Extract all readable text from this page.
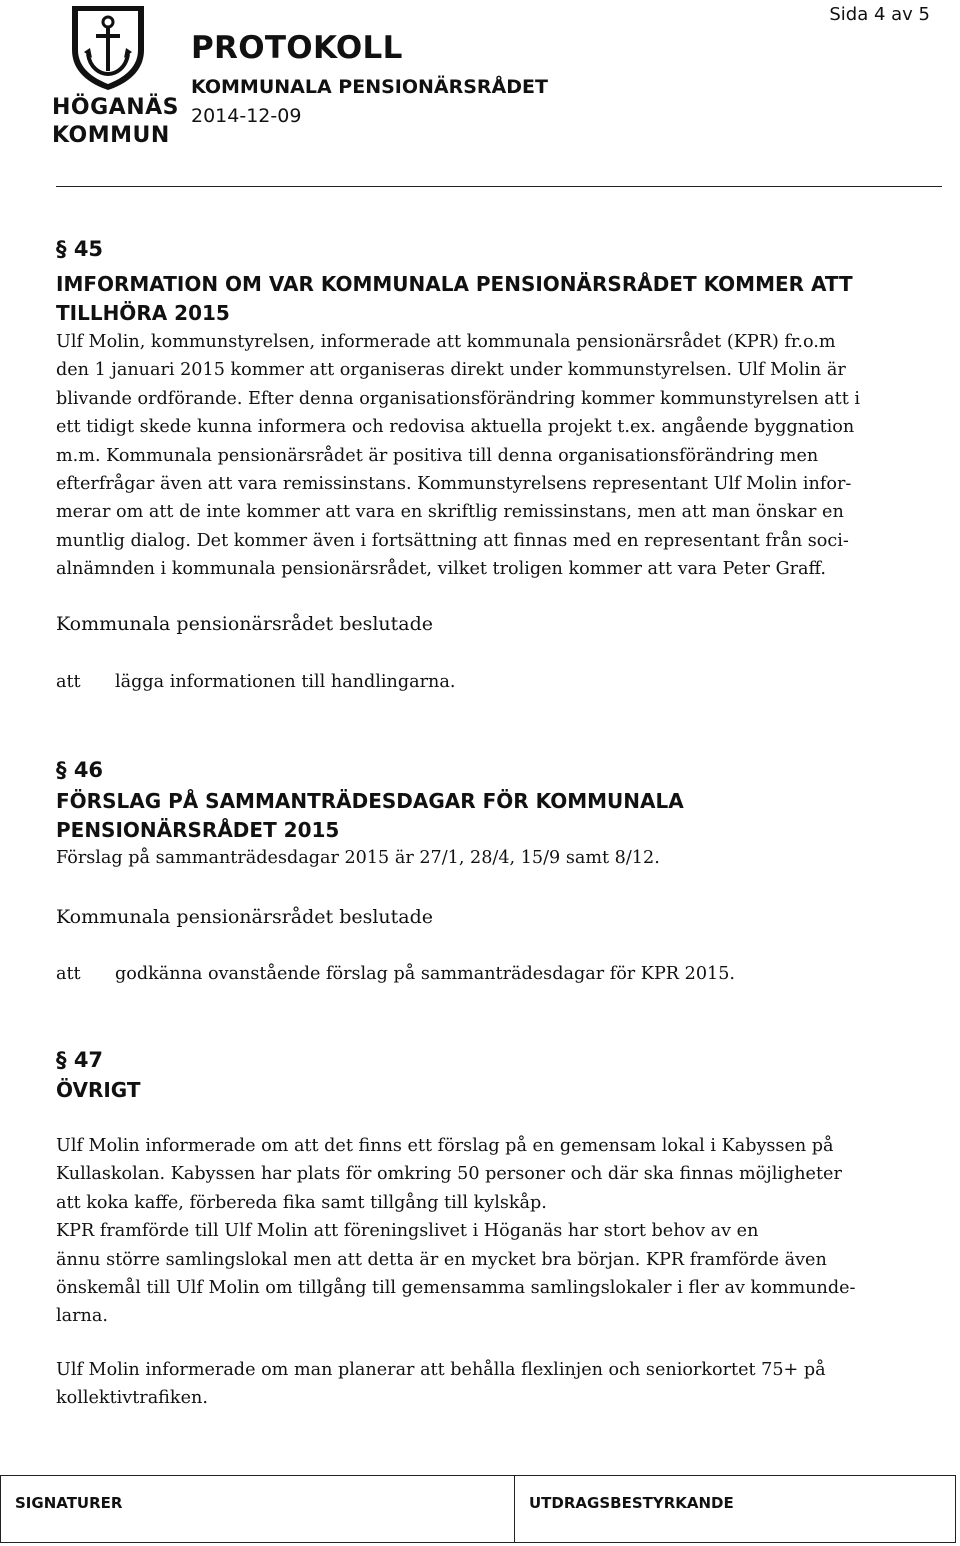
HÖGANÄS
KOMMUN
PROTOKOLL
KOMMUNALA PENSIONÄRSRÅDET
2014-12-09
Sida 4 av 5
§ 45
IMFORMATION OM VAR KOMMUNALA PENSIONÄRSRÅDET KOMMER ATT
TILLHÖRA 2015
Ulf Molin, kommunstyrelsen, informerade att kommunala pensionärsrådet (KPR) fr.o.m
den 1 januari 2015 kommer att organiseras direkt under kommunstyrelsen. Ulf Molin är
blivande ordförande. Efter denna organisationsförändring kommer kommunstyrelsen att i
ett tidigt skede kunna informera och redovisa aktuella projekt t.ex. angående byggnation
m.m. Kommunala pensionärsrådet är positiva till denna organisationsförändring men
efterfrågar även att vara remissinstans. Kommunstyrelsens representant Ulf Molin infor-
merar om att de inte kommer att vara en skriftlig remissinstans, men att man önskar en
muntlig dialog. Det kommer även i fortsättning att finnas med en representant från soci-
alnämnden i kommunala pensionärsrådet, vilket troligen kommer att vara Peter Graff.
Kommunala pensionärsrådet beslutade
att lägga informationen till handlingarna.
§ 46
FÖRSLAG PÅ SAMMANTRÄDESDAGAR FÖR KOMMUNALA
PENSIONÄRSRÅDET 2015
Förslag på sammanträdesdagar 2015 är 27/1, 28/4, 15/9 samt 8/12.
Kommunala pensionärsrådet beslutade
att godkänna ovanstående förslag på sammanträdesdagar för KPR 2015.
§ 47
ÖVRIGT
Ulf Molin informerade om att det finns ett förslag på en gemensam lokal i Kabyssen på
Kullaskolan. Kabyssen har plats för omkring 50 personer och där ska finnas möjligheter
att koka kaffe, förbereda fika samt tillgång till kylskåp.
KPR framförde till Ulf Molin att föreningslivet i Höganäs har stort behov av en
ännu större samlingslokal men att detta är en mycket bra början. KPR framförde även
önskemål till Ulf Molin om tillgång till gemensamma samlingslokaler i fler av kommunde-
larna.
Ulf Molin informerade om man planerar att behålla flexlinjen och seniorkortet 75+ på
kollektivtrafiken.
SIGNATURER	UTDRAGSBESTYRKANDE
